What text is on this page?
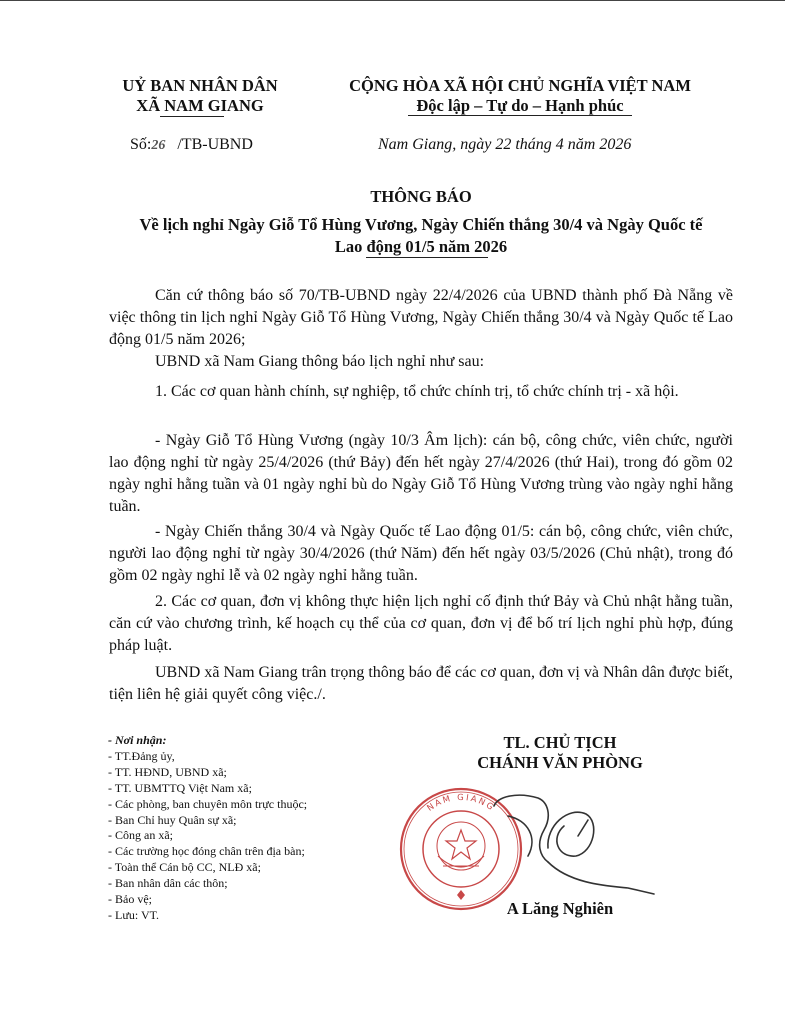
UỶ BAN NHÂN DÂN
XÃ NAM GIANG
CỘNG HÒA XÃ HỘI CHỦ NGHĨA VIỆT NAM
Độc lập – Tự do – Hạnh phúc
Số:26 /TB-UBND	Nam Giang, ngày 22 tháng 4 năm 2026
THÔNG BÁO
Về lịch nghỉ Ngày Giỗ Tổ Hùng Vương, Ngày Chiến thắng 30/4 và Ngày Quốc tế
Lao động 01/5 năm 2026
Căn cứ thông báo số 70/TB-UBND ngày 22/4/2026 của UBND thành phố Đà Nẵng về việc thông tin lịch nghỉ Ngày Giỗ Tổ Hùng Vương, Ngày Chiến thắng 30/4 và Ngày Quốc tế Lao động 01/5 năm 2026;
UBND xã Nam Giang thông báo lịch nghỉ như sau:
1. Các cơ quan hành chính, sự nghiệp, tổ chức chính trị, tổ chức chính trị - xã hội.
- Ngày Giỗ Tổ Hùng Vương (ngày 10/3 Âm lịch): cán bộ, công chức, viên chức, người lao động nghỉ từ ngày 25/4/2026 (thứ Bảy) đến hết ngày 27/4/2026 (thứ Hai), trong đó gồm 02 ngày nghỉ hằng tuần và 01 ngày nghỉ bù do Ngày Giỗ Tổ Hùng Vương trùng vào ngày nghỉ hằng tuần.
- Ngày Chiến thắng 30/4 và Ngày Quốc tế Lao động 01/5: cán bộ, công chức, viên chức, người lao động nghỉ từ ngày 30/4/2026 (thứ Năm) đến hết ngày 03/5/2026 (Chủ nhật), trong đó gồm 02 ngày nghỉ lễ và 02 ngày nghỉ hằng tuần.
2. Các cơ quan, đơn vị không thực hiện lịch nghỉ cố định thứ Bảy và Chủ nhật hằng tuần, căn cứ vào chương trình, kế hoạch cụ thể của cơ quan, đơn vị để bố trí lịch nghỉ phù hợp, đúng pháp luật.
UBND xã Nam Giang trân trọng thông báo để các cơ quan, đơn vị và Nhân dân được biết, tiện liên hệ giải quyết công việc./.
- Nơi nhận:
- TT.Đảng ủy,
- TT. HĐND, UBND xã;
- TT. UBMTTQ Việt Nam xã;
- Các phòng, ban chuyên môn trực thuộc;
- Ban Chỉ huy Quân sự xã;
- Công an xã;
- Các trường học đóng chân trên địa bàn;
- Toàn thể Cán bộ CC, NLĐ xã;
- Ban nhân dân các thôn;
- Bảo vệ;
- Lưu: VT.
TL. CHỦ TỊCH
CHÁNH VĂN PHÒNG
NAM GIANG
A Lăng Nghiên
